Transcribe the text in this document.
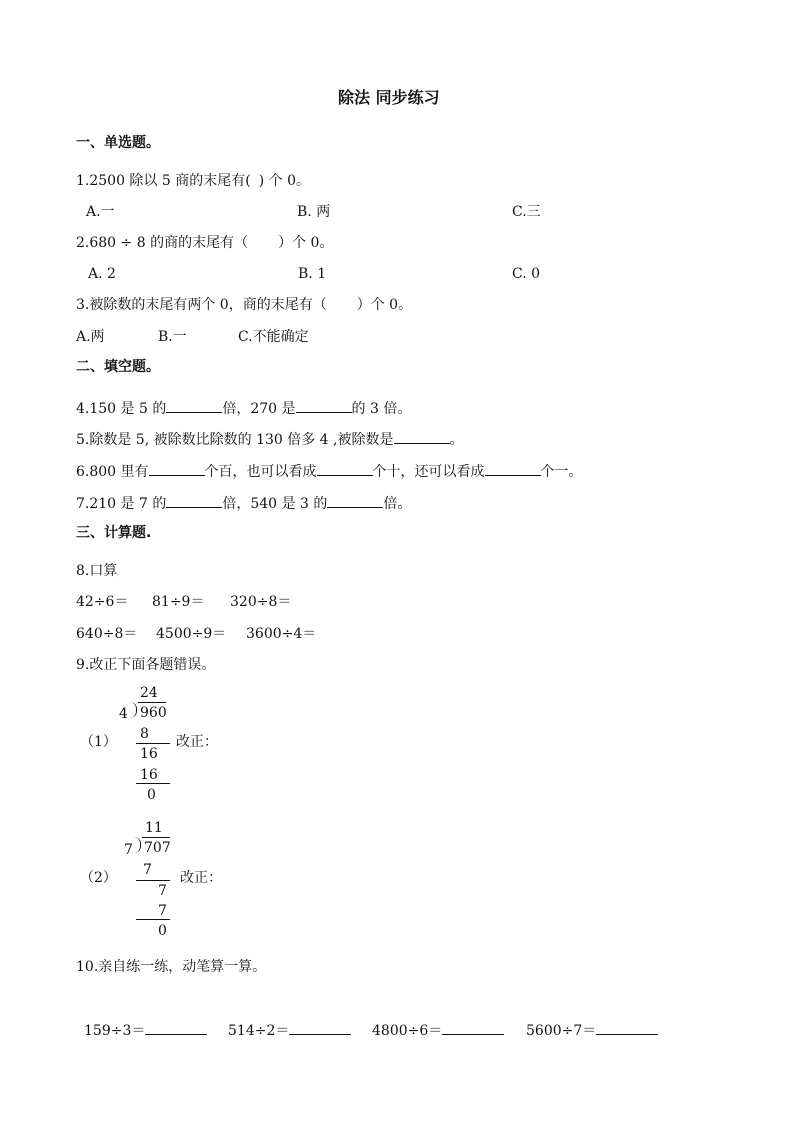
除法 同步练习
一、单选题。
1.2500 除以 5 商的末尾有( ) 个 0。
A.一	B. 两	C.三
2.680 ÷ 8 的商的末尾有（ ）个 0。
A. 2	B. 1	C. 0
3.被除数的末尾有两个 0，商的末尾有（ ）个 0。
A.两	B.一	C.不能确定
二、填空题。
4.150 是 5 的	倍，270 是	的 3 倍。
5.除数是 5, 被除数比除数的 130 倍多 4 ,被除数是	。
6.800 里有	个百，也可以看成	个十，还可以看成	个一。
7.210 是 7 的	倍，540 是 3 的	倍。
三、计算题.
8.口算
42÷6＝ 81÷9＝ 320÷8＝
640÷8＝ 4500÷9＝ 3600÷4＝
9.改正下面各题错误。
24
4 960
（1） 8
16
改正：
16
0
11
7 707
7
（2）	改正：
7
7
0
10.亲自练一练，动笔算一算。
159÷3＝	514÷2＝	4800÷6＝	5600÷7＝
